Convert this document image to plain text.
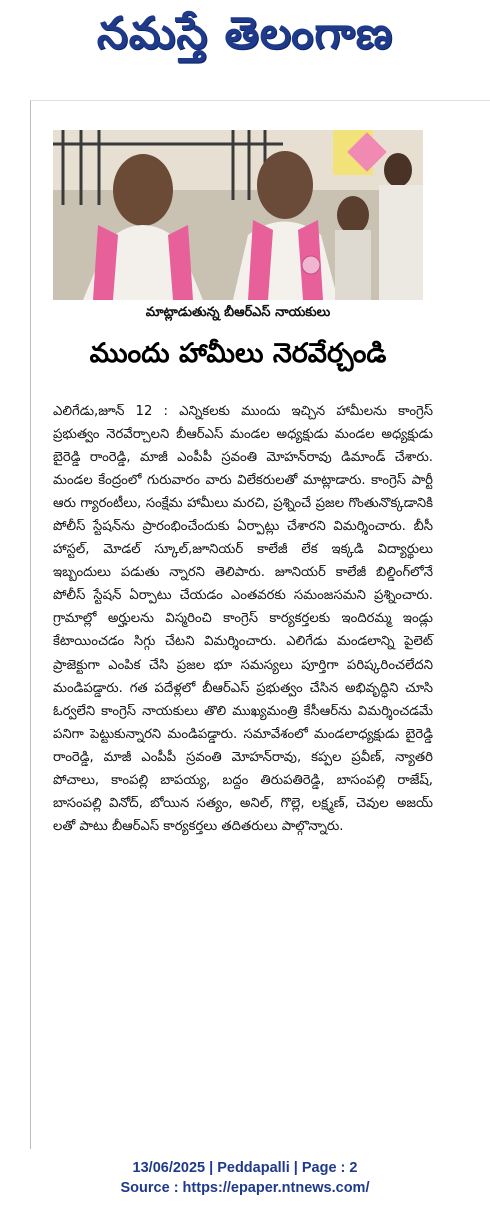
నమస్తే తెలంగాణ
మాట్లాడుతున్న బీఆర్ఎస్ నాయకులు
ముందు హామీలు నెరవేర్చండి

ఎలిగేడు,జూన్ 12 : ఎన్నికలకు ముందు ఇచ్చిన హామీలను కాంగ్రెస్ ప్రభుత్వం నెరవేర్చాలని బీఆర్ఎస్ మండల అధ్యక్షుడు మండల అధ్యక్షుడు బైరెడ్డి రాంరెడ్డి, మాజీ ఎంపీపీ స్రవంతి మోహన్‌రావు డిమాండ్ చేశారు. మండల కేంద్రంలో గురువారం వారు విలేకరులతో మాట్లాడారు. కాంగ్రెస్ పార్టీ ఆరు గ్యారంటీలు, సంక్షేమ హామీలు మరచి, ప్రశ్నించే ప్రజల గొంతునొక్కడానికి పోలీస్ స్టేషన్‌ను ప్రారంభించేందుకు ఏర్పాట్లు చేశారని విమర్శించారు. బీసీ హాస్టల్, మోడల్ స్కూల్,జూనియర్ కాలేజీ లేక ఇక్కడి విద్యార్థులు ఇబ్బందులు పడుతు న్నారని తెలిపారు. జూనియర్ కాలేజీ బిల్డింగ్‌లోనే పోలీస్ స్టేషన్ ఏర్పాటు చేయడం ఎంతవరకు సమంజసమని ప్రశ్నించారు. గ్రామాల్లో అర్హులను విస్మరించి కాంగ్రెస్ కార్యకర్తలకు ఇందిరమ్మ ఇండ్లు కేటాయించడం సిగ్గు చేటని విమర్శించారు. ఎలిగేడు మండలాన్ని పైలెట్ ప్రాజెక్టుగా ఎంపిక చేసి ప్రజల భూ సమస్యలు పూర్తిగా పరిష్కరించలేదని మండిపడ్డారు. గత పదేళ్లలో బీఆర్ఎస్ ప్రభుత్వం చేసిన అభివృద్ధిని చూసి ఓర్వలేని కాంగ్రెస్ నాయకులు తొలి ముఖ్యమంత్రి కేసీఆర్‌ను విమర్శించడమే పనిగా పెట్టుకున్నారని మండిపడ్డారు. సమావేశంలో మండలాధ్యక్షుడు బైరెడ్డి రాంరెడ్డి, మాజీ ఎంపీపీ స్రవంతి మోహన్‌రావు, కప్పల ప్రవీణ్, న్యాతరి పోచాలు, కాంపల్లి బాపయ్య, బద్దం తిరుపతిరెడ్డి, బాసంపల్లి రాజేష్, బాసంపల్లి వినోద్, బోయిన సత్యం, అనిల్, గొల్లె, లక్ష్మణ్, చెవుల అజయ్ లతో పాటు బీఆర్ఎస్ కార్యకర్తలు తదితరులు పాల్గొన్నారు.

13/06/2025 | Peddapalli | Page : 2
Source : https://epaper.ntnews.com/
